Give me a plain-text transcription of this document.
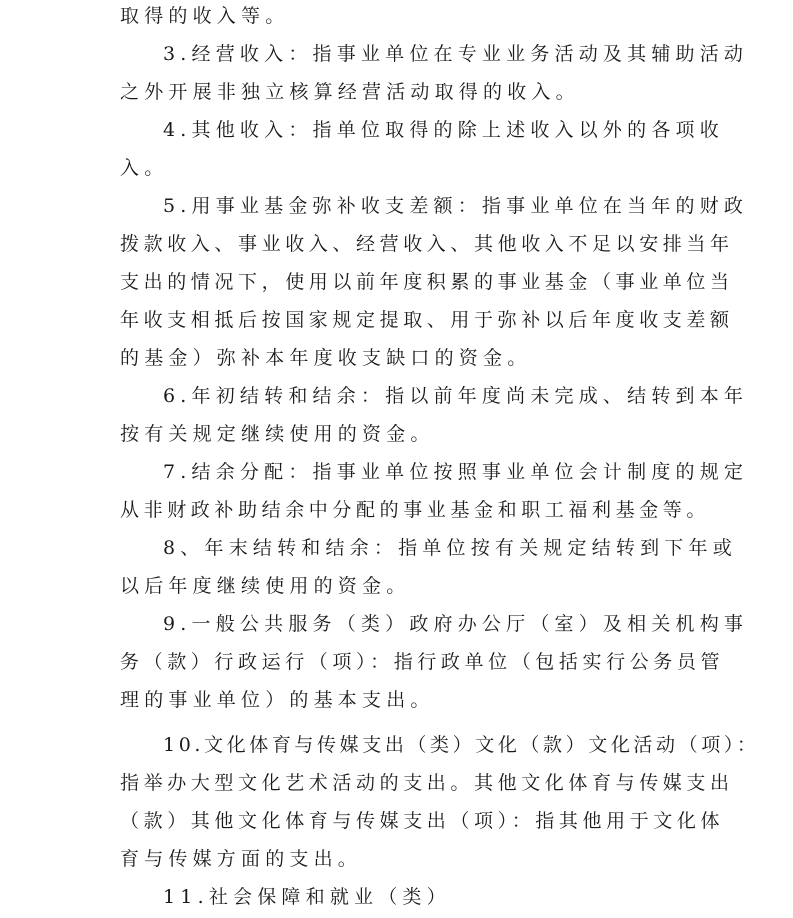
取得的收入等。
3.经营收入：指事业单位在专业业务活动及其辅助活动
之外开展非独立核算经营活动取得的收入。
4.其他收入：指单位取得的除上述收入以外的各项收
入。
5.用事业基金弥补收支差额：指事业单位在当年的财政
拨款收入、事业收入、经营收入、其他收入不足以安排当年
支出的情况下，使用以前年度积累的事业基金（事业单位当
年收支相抵后按国家规定提取、用于弥补以后年度收支差额
的基金）弥补本年度收支缺口的资金。
6.年初结转和结余：指以前年度尚未完成、结转到本年
按有关规定继续使用的资金。
7.结余分配：指事业单位按照事业单位会计制度的规定
从非财政补助结余中分配的事业基金和职工福利基金等。
8、年末结转和结余：指单位按有关规定结转到下年或
以后年度继续使用的资金。
9.一般公共服务（类）政府办公厅（室）及相关机构事
务（款）行政运行（项）：指行政单位（包括实行公务员管
理的事业单位）的基本支出。
10.文化体育与传媒支出（类）文化（款）文化活动（项）：
指举办大型文化艺术活动的支出。其他文化体育与传媒支出
（款）其他文化体育与传媒支出（项）：指其他用于文化体
育与传媒方面的支出。
11.社会保障和就业（类）
